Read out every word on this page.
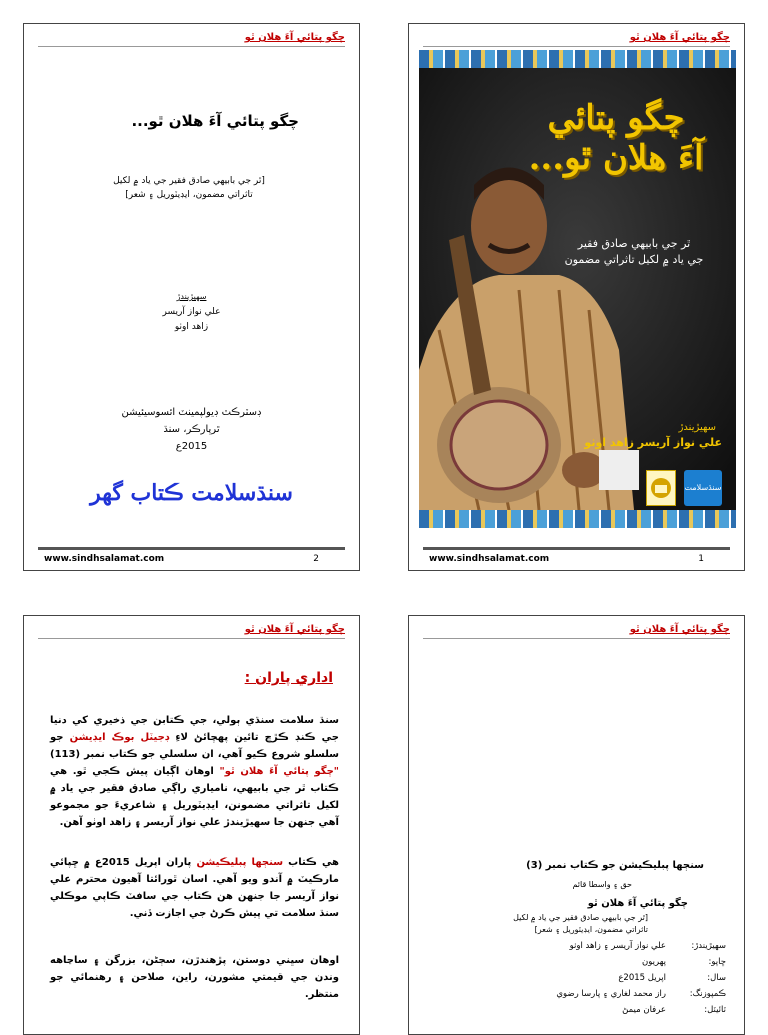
چگو پتائي آءَ هلان ٿو
چگو پتائي
آءَ هلان ٿو...
ٿر جي بابيهي صادق فقير
جي ياد ۾ لکيل تاثراتي مضمون
سهيڙيندڙ
علي نواز آريسر زاهد اوٺو
سنڌسلامت
www.sindhsalamat.com	1
چگو پتائي آءَ هلان ٿو
چگو پتائي آءَ هلان ٿو...
[ٿر جي بابيهي صادق فقير جي ياد ۾ لکيل
تاثراتي مضمون، ايڊيٽوريل ۽ شعر]
سهيڙيندڙ
علي نواز آريسر
زاهد اوٺو
ڊسٽرڪٽ ڊيولپمينٽ ائسوسيئيشن
ٿرپارڪر، سنڌ
2015ع
سنڌسلامت ڪتاب گھر
www.sindhsalamat.com	2
چگو پتائي آءَ هلان ٿو
سنڄها پبليڪيشن جو ڪتاب نمبر (3)
حق ۽ واسطا قائم
چگو پتائي آءَ هلان ٿو
[ٿر جي بابيهي صادق فقير جي ياد ۾ لکيل
تاثراتي مضمون، ايڊيٽوريل ۽ شعر]
سهيڙيندڙ:
علي نواز آريسر ۽ زاهد اوٺو
ڇاپو:
پهريون
سال:
اپريل 2015ع
ڪمپوزنگ:
راز محمد لغاري ۽ پارسا رضوي
ٽائيٽل:
عرفان ميمڻ
چگو پتائي آءَ هلان ٿو
اداري پاران :
سنڌ سلامت سنڌي ٻولي، جي ڪتابن جي ذخيري کي دنيا جي ڪنڊ ڪڙڇ تائين پهچائڻ لاءِ ڊجيٽل بوڪ ايڊيشن جو سلسلو شروع ڪيو آهي، ان سلسلي جو ڪتاب نمبر (113) "چگو پتائي آءَ هلان ٿو" اوهان اڳيان پيش ڪجي ٿو. هي ڪتاب ٿر جي بابيهي، نامياري راڳي صادق فقير جي ياد ۾ لکيل تاثراتي مضمونن، ايڊيٽوريل ۽ شاعريءَ جو مجموعو آهي جنهن جا سهيڙيندڙ علي نواز آريسر ۽ زاهد اوٺو آهن.
هي ڪتاب سنڄها پبليڪيشن پاران اپريل 2015ع ۾ ڇپائي مارڪيٽ ۾ آندو ويو آهي. اسان ٿورائتا آهيون محترم علي نواز آريسر جا جنهن هن ڪتاب جي سافٽ ڪاپي موڪلي سنڌ سلامت تي پيش ڪرڻ جي اجازت ڏني.
اوهان سڀني دوستن، پڙهندڙن، سڄڻن، بزرگن ۽ ساڃاهه وندن جي قيمتي مشورن، راين، صلاحن ۽ رهنمائي جو منتظر.
